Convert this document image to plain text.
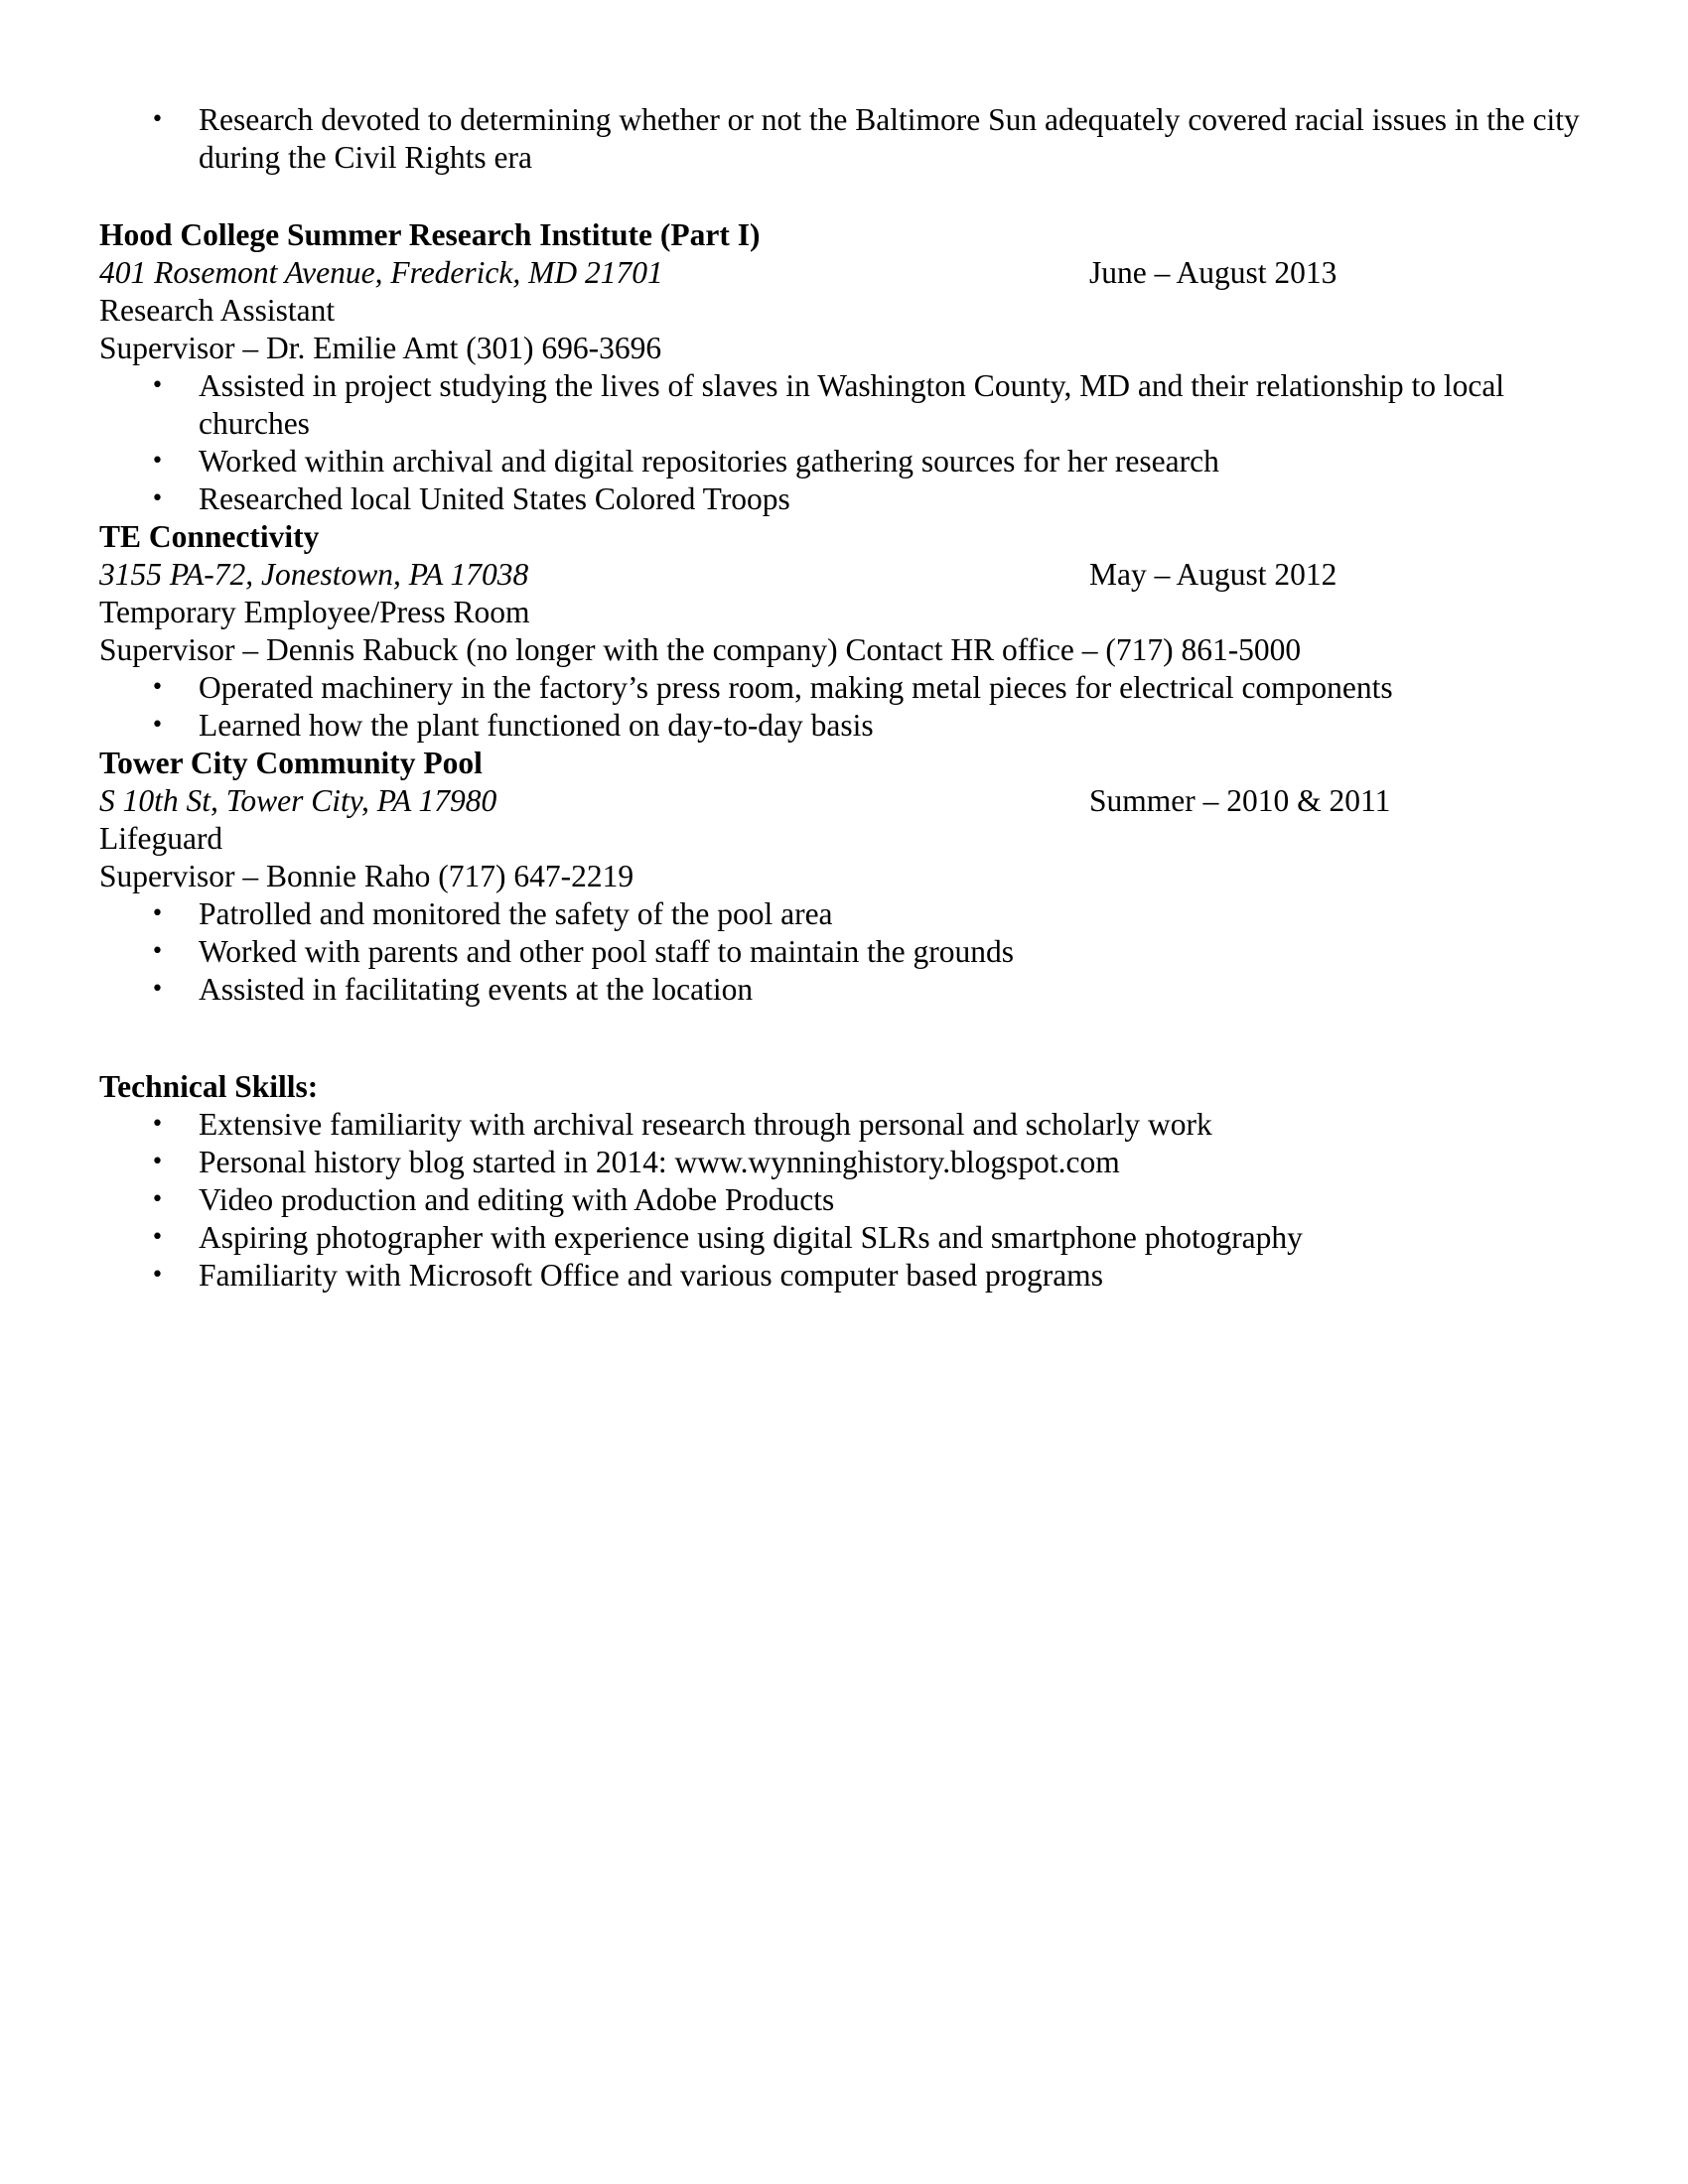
• Research devoted to determining whether or not the Baltimore Sun adequately covered racial issues in the city during the Civil Rights era
Hood College Summer Research Institute (Part I)
401 Rosemont Avenue, Frederick, MD 21701	June – August 2013
Research Assistant
Supervisor – Dr. Emilie Amt (301) 696-3696
• Assisted in project studying the lives of slaves in Washington County, MD and their relationship to local churches
• Worked within archival and digital repositories gathering sources for her research
• Researched local United States Colored Troops
TE Connectivity
3155 PA-72, Jonestown, PA 17038	May – August 2012
Temporary Employee/Press Room
Supervisor – Dennis Rabuck (no longer with the company) Contact HR office – (717) 861-5000
• Operated machinery in the factory’s press room, making metal pieces for electrical components
• Learned how the plant functioned on day-to-day basis
Tower City Community Pool
S 10th St, Tower City, PA 17980	Summer – 2010 & 2011
Lifeguard
Supervisor – Bonnie Raho (717) 647-2219
• Patrolled and monitored the safety of the pool area
• Worked with parents and other pool staff to maintain the grounds
• Assisted in facilitating events at the location
Technical Skills:
• Extensive familiarity with archival research through personal and scholarly work
• Personal history blog started in 2014: www.wynninghistory.blogspot.com
• Video production and editing with Adobe Products
• Aspiring photographer with experience using digital SLRs and smartphone photography
• Familiarity with Microsoft Office and various computer based programs
